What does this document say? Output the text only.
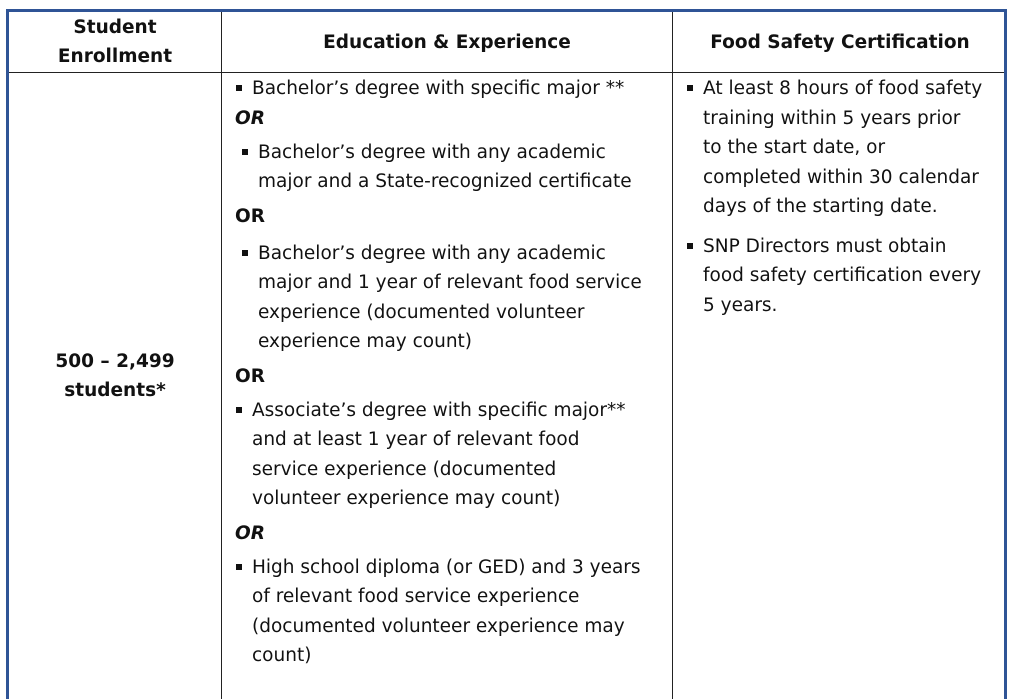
Student
Enrollment
Education & Experience	Food Safety Certification
500 – 2,499
students*
Bachelor’s degree with specific major **
OR
Bachelor’s degree with any academic
major and a State-recognized certificate
OR
Bachelor’s degree with any academic
major and 1 year of relevant food service
experience (documented volunteer
experience may count)
OR
Associate’s degree with specific major**
and at least 1 year of relevant food
service experience (documented
volunteer experience may count)
OR
High school diploma (or GED) and 3 years
of relevant food service experience
(documented volunteer experience may
count)
At least 8 hours of food safety
training within 5 years prior
to the start date, or
completed within 30 calendar
days of the starting date.
SNP Directors must obtain
food safety certification every
5 years.
